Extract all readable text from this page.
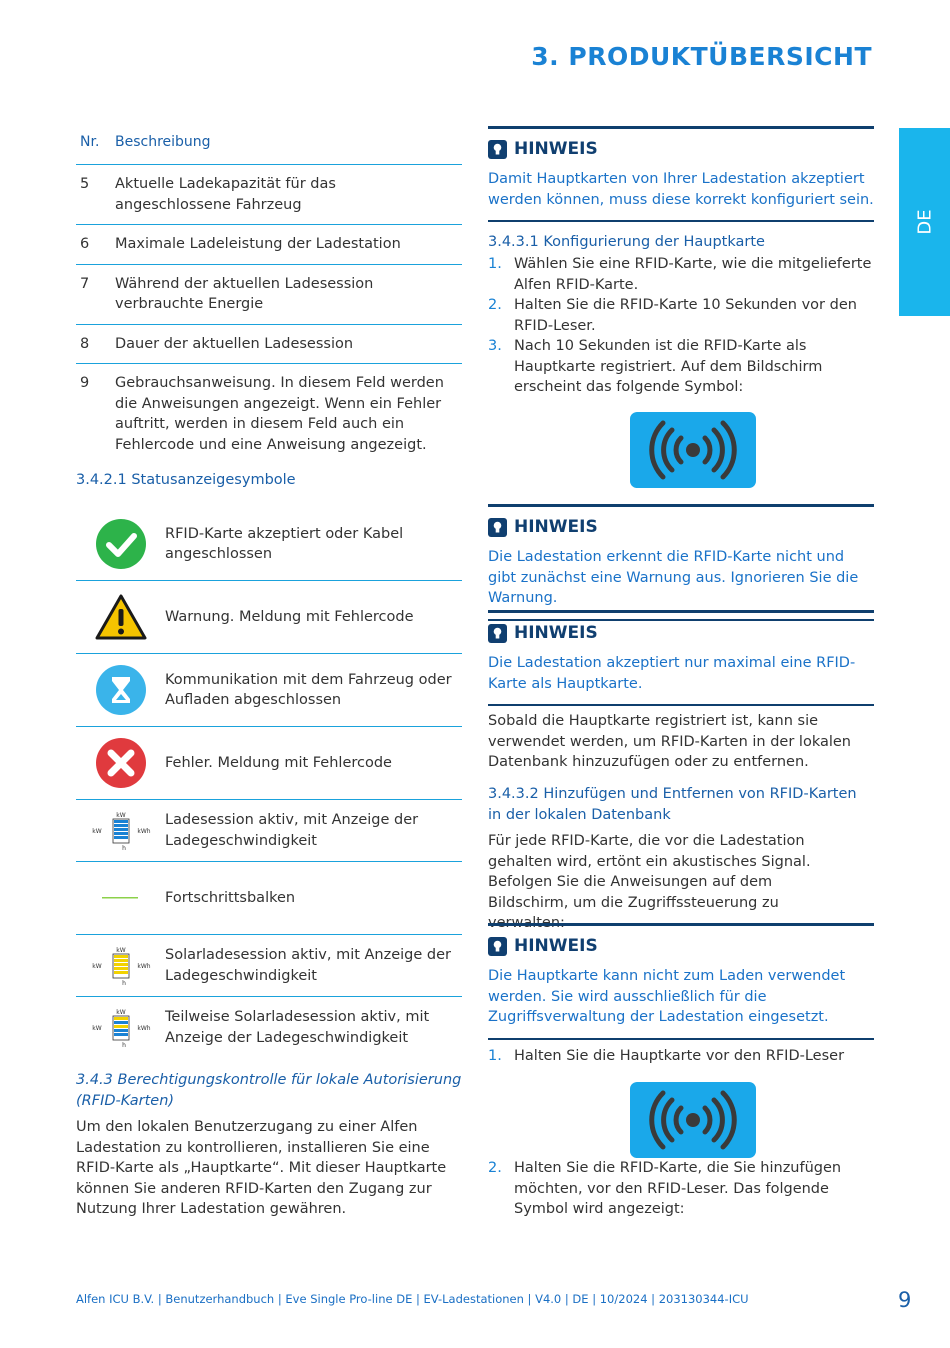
3. PRODUKTÜBERSICHT
DE
Nr.	Beschreibung
5	Aktuelle Ladekapazität für das angeschlossene Fahrzeug
6	Maximale Ladeleistung der Ladestation
7	Während der aktuellen Ladesession verbrauchte Energie
8	Dauer der aktuellen Ladesession
9	Gebrauchsanweisung. In diesem Feld werden die Anweisungen angezeigt. Wenn ein Fehler auftritt, werden in diesem Feld auch ein Fehlercode und eine Anweisung angezeigt.
3.4.2.1 Statusanzeigesymbole
RFID-Karte akzeptiert oder Kabel angeschlossen
Warnung. Meldung mit Fehlercode
Kommunikation mit dem Fahrzeug oder Aufladen abgeschlossen
Fehler. Meldung mit Fehlercode
kW
kW	kWh
h
Ladesession aktiv, mit Anzeige der Ladegeschwindigkeit
Fortschrittsbalken
kW
kW	kWh
h
Solarladesession aktiv, mit Anzeige der Ladegeschwindigkeit
kW
kW	kWh
h
Teilweise Solarladesession aktiv, mit Anzeige der Ladegeschwindigkeit
3.4.3 Berechtigungskontrolle für lokale Autorisierung (RFID-Karten)
Um den lokalen Benutzerzugang zu einer Alfen Ladestation zu kontrollieren, installieren Sie eine RFID-Karte als „Hauptkarte“. Mit dieser Hauptkarte können Sie anderen RFID-Karten den Zugang zur Nutzung Ihrer Ladestation gewähren.
HINWEIS
Damit Hauptkarten von Ihrer Ladestation akzeptiert werden können, muss diese korrekt konfiguriert sein.
3.4.3.1 Konfigurierung der Hauptkarte
1. Wählen Sie eine RFID-Karte, wie die mitgelieferte Alfen RFID-Karte.
2. Halten Sie die RFID-Karte 10 Sekunden vor den RFID-Leser.
3. Nach 10 Sekunden ist die RFID-Karte als Hauptkarte registriert. Auf dem Bildschirm erscheint das folgende Symbol:
HINWEIS
Die Ladestation erkennt die RFID-Karte nicht und gibt zunächst eine Warnung aus. Ignorieren Sie die Warnung.
HINWEIS
Die Ladestation akzeptiert nur maximal eine RFID-Karte als Hauptkarte.
Sobald die Hauptkarte registriert ist, kann sie verwendet werden, um RFID-Karten in der lokalen Datenbank hinzuzufügen oder zu entfernen.
3.4.3.2 Hinzufügen und Entfernen von RFID-Karten in der lokalen Datenbank
Für jede RFID-Karte, die vor die Ladestation gehalten wird, ertönt ein akustisches Signal. Befolgen Sie die Anweisungen auf dem Bildschirm, um die Zugriffssteuerung zu verwalten:
HINWEIS
Die Hauptkarte kann nicht zum Laden verwendet werden. Sie wird ausschließlich für die Zugriffsverwaltung der Ladestation eingesetzt.
1. Halten Sie die Hauptkarte vor den RFID-Leser
2. Halten Sie die RFID-Karte, die Sie hinzufügen möchten, vor den RFID-Leser. Das folgende Symbol wird angezeigt:
Alfen ICU B.V. | Benutzerhandbuch | Eve Single Pro-line DE | EV-Ladestationen | V4.0 | DE | 10/2024 | 203130344-ICU	9
